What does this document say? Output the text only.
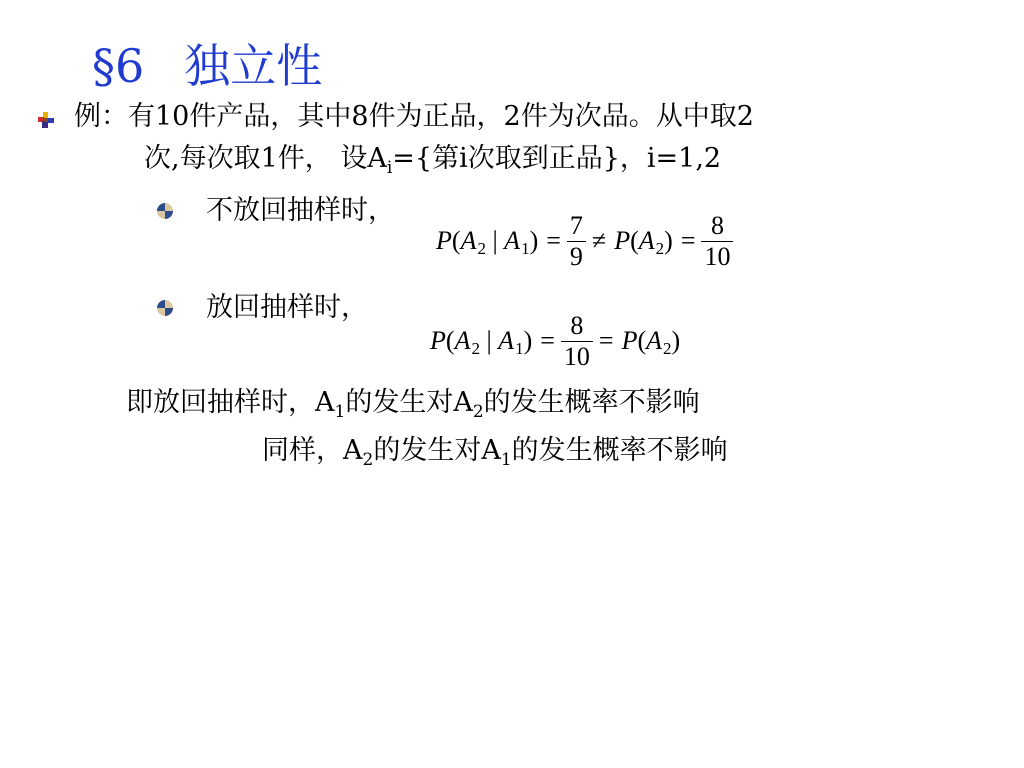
§6 独立性
例：有10件产品，其中8件为正品，2件为次品。从中取2
次,每次取1件， 设$A_i=${第i次取到正品}，i=1,2
不放回抽样时，
P ( A 2 | A 1 ) = $\frac{7}{9} \ne P$ ( A 2 ) = $\frac{8}{10}$
放回抽样时，
P ( A 2 | A 1 ) = $\frac{8}{10} = P$ ( A 2 )
即放回抽样时，$A_1$的发生对$A_2$的发生概率不影响
同样，$A_2$的发生对$A_1$的发生概率不影响
